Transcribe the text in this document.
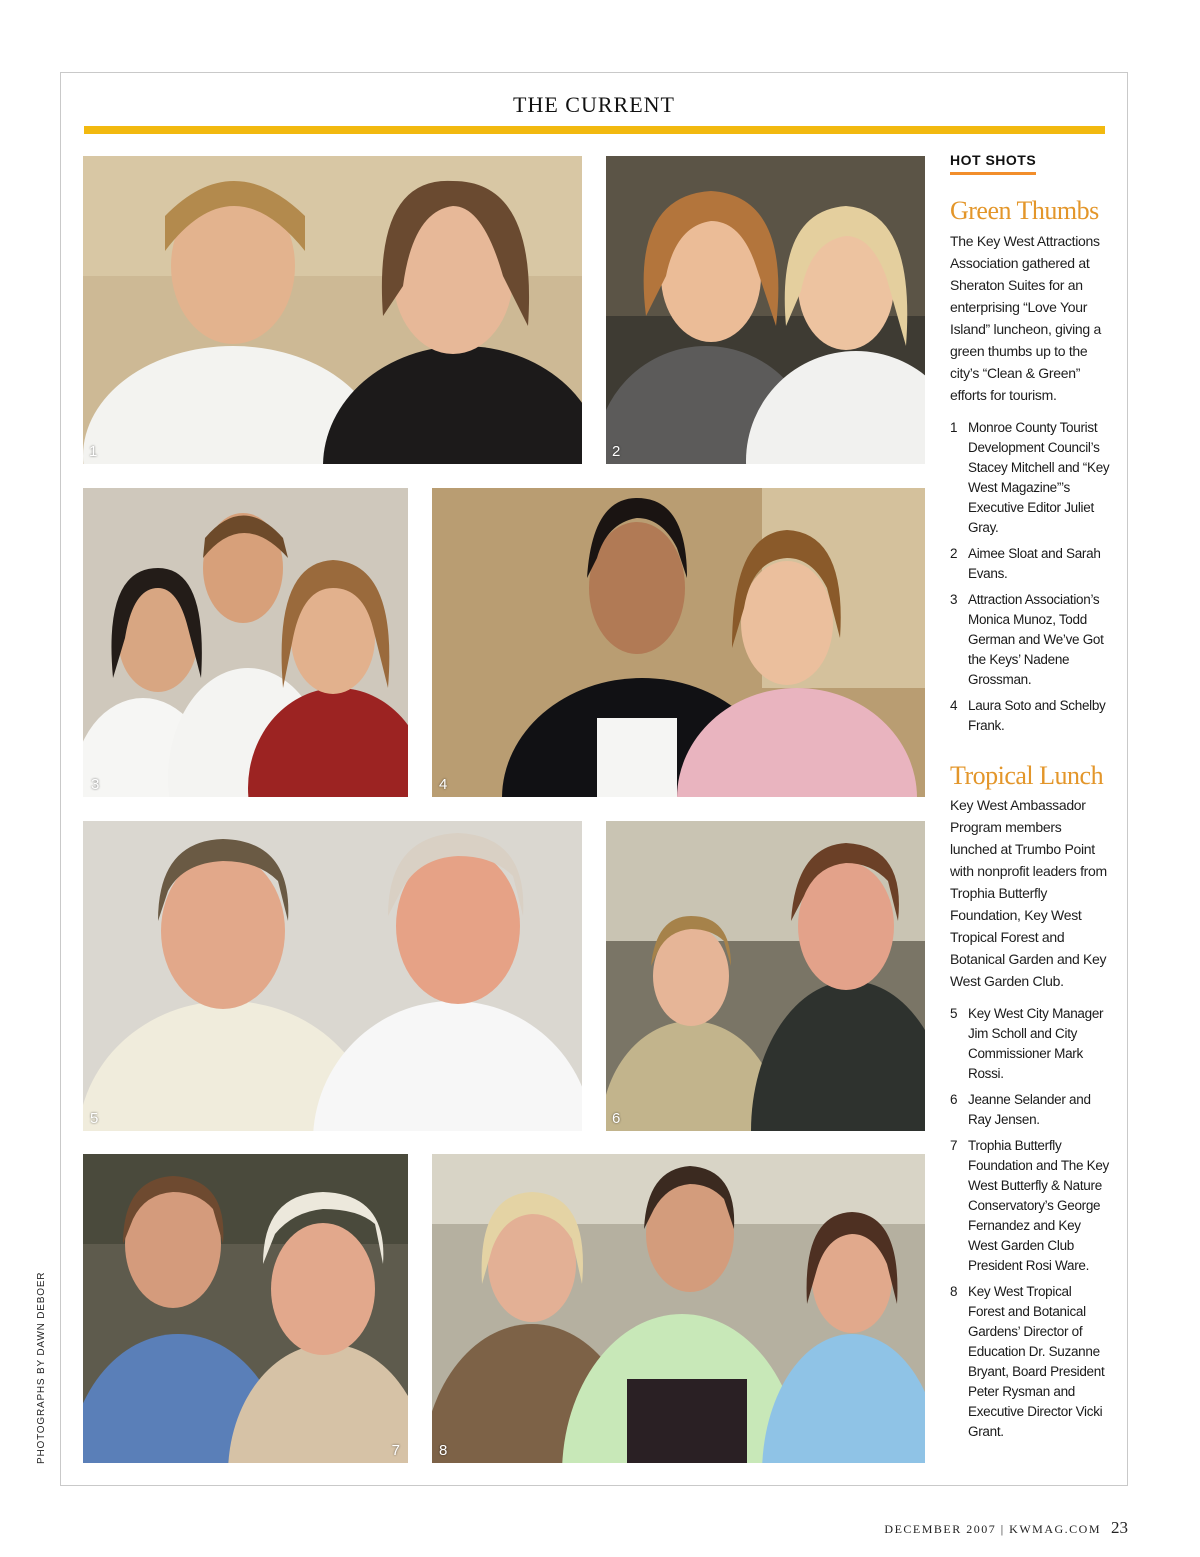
THE CURRENT
1	2
3	4
5	6
7	8
PHOTOGRAPHS BY DAWN DEBOER
HOT SHOTS
Green Thumbs
The Key West Attractions Association gathered at Sheraton Suites for an enterprising “Love Your Island” luncheon, giving a green thumbs up to the city’s “Clean & Green” efforts for tourism.
1 Monroe County Tourist Development Council’s Stacey Mitchell and “Key West Magazine”’s Executive Editor Juliet Gray.
2 Aimee Sloat and Sarah Evans.
3 Attraction Association’s Monica Munoz, Todd German and We’ve Got the Keys’ Nadene Grossman.
4 Laura Soto and Schelby Frank.
Tropical Lunch
Key West Ambassador Program members lunched at Trumbo Point with nonprofit leaders from Trophia Butterfly Foundation, Key West Tropical Forest and Botanical Garden and Key West Garden Club.
5 Key West City Manager Jim Scholl and City Commissioner Mark Rossi.
6 Jeanne Selander and Ray Jensen.
7 Trophia Butterfly Foundation and The Key West Butterfly & Nature Conservatory’s George Fernandez and Key West Garden Club President Rosi Ware.
8 Key West Tropical Forest and Botanical Gardens’ Director of Education Dr. Suzanne Bryant, Board President Peter Rysman and Executive Director Vicki Grant.
DECEMBER 2007 | KWMAG.COM 23
